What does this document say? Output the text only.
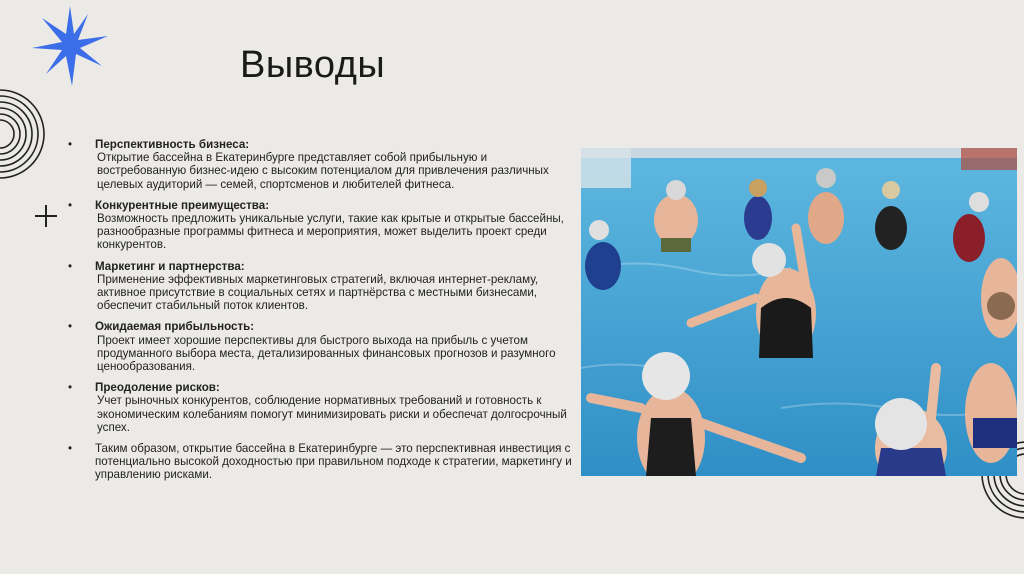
Выводы
• Перспективность бизнеса:
Открытие бассейна в Екатеринбурге представляет собой прибыльную и востребованную бизнес-идею с высоким потенциалом для привлечения различных целевых аудиторий — семей, спортсменов и любителей фитнеса.
• Конкурентные преимущества:
Возможность предложить уникальные услуги, такие как крытые и открытые бассейны, разнообразные программы фитнеса и мероприятия, может выделить проект среди конкурентов.
• Маркетинг и партнерства:
Применение эффективных маркетинговых стратегий, включая интернет-рекламу, активное присутствие в социальных сетях и партнёрства с местными бизнесами, обеспечит стабильный поток клиентов.
• Ожидаемая прибыльность:
Проект имеет хорошие перспективы для быстрого выхода на прибыль с учетом продуманного выбора места, детализированных финансовых прогнозов и разумного ценообразования.
• Преодоление рисков:
Учет рыночных конкурентов, соблюдение нормативных требований и готовность к экономическим колебаниям помогут минимизировать риски и обеспечат долгосрочный успех.
• Таким образом, открытие бассейна в Екатеринбурге — это перспективная инвестиция с потенциально высокой доходностью при правильном подходе к стратегии, маркетингу и управлению рисками.
